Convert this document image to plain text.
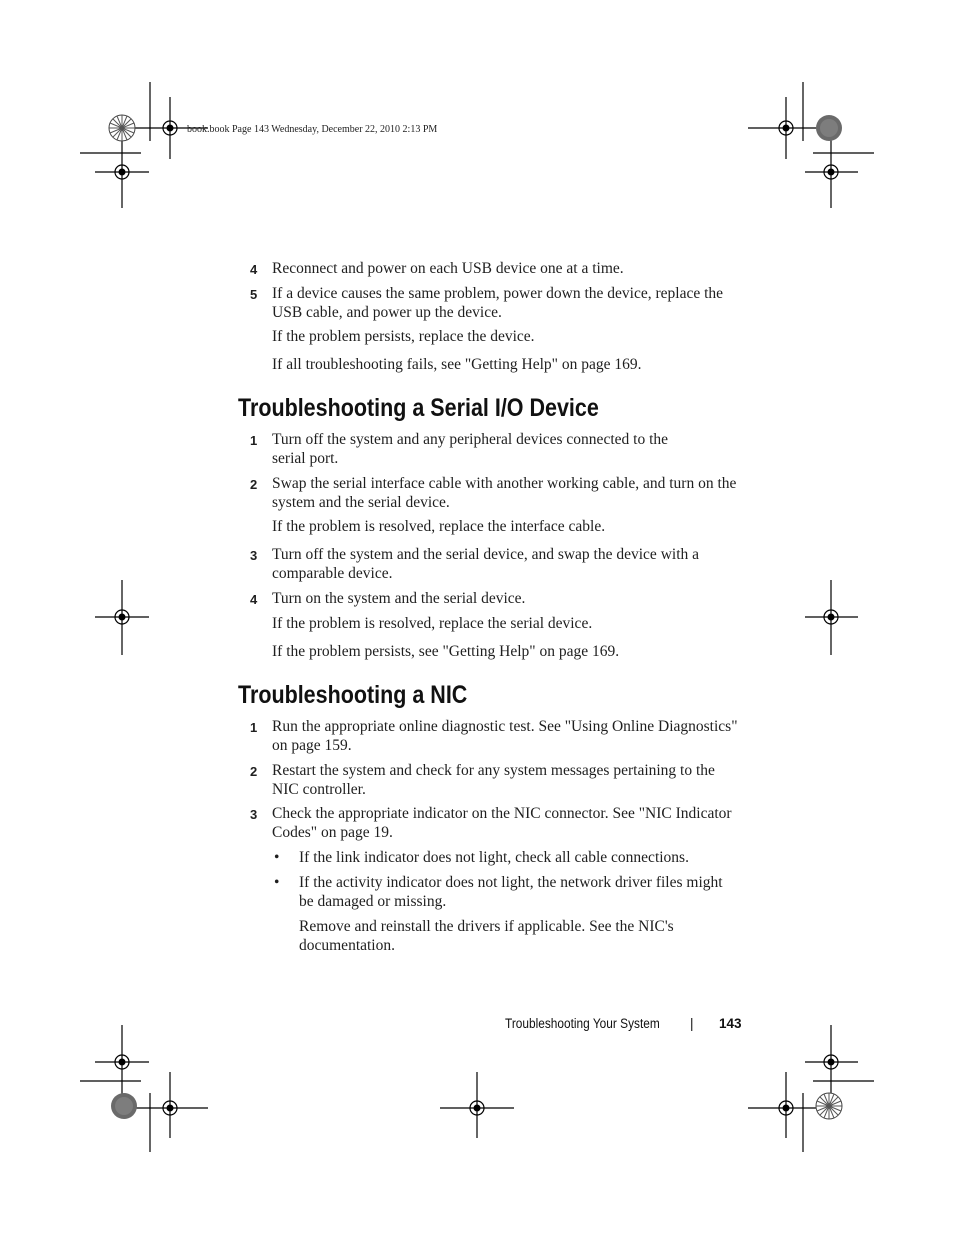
book.book Page 143 Wednesday, December 22, 2010 2:13 PM
4 Reconnect and power on each USB device one at a time.
5 If a device causes the same problem, power down the device, replace the USB cable, and power up the device.
If the problem persists, replace the device.
If all troubleshooting fails, see "Getting Help" on page 169.
Troubleshooting a Serial I/O Device
1 Turn off the system and any peripheral devices connected to the serial port.
2 Swap the serial interface cable with another working cable, and turn on the system and the serial device.
If the problem is resolved, replace the interface cable.
3 Turn off the system and the serial device, and swap the device with a comparable device.
4 Turn on the system and the serial device.
If the problem is resolved, replace the serial device.
If the problem persists, see "Getting Help" on page 169.
Troubleshooting a NIC
1 Run the appropriate online diagnostic test. See "Using Online Diagnostics" on page 159.
2 Restart the system and check for any system messages pertaining to the NIC controller.
3 Check the appropriate indicator on the NIC connector. See "NIC Indicator Codes" on page 19.
• If the link indicator does not light, check all cable connections.
• If the activity indicator does not light, the network driver files might be damaged or missing.
Remove and reinstall the drivers if applicable. See the NIC's documentation.
Troubleshooting Your System | 143
